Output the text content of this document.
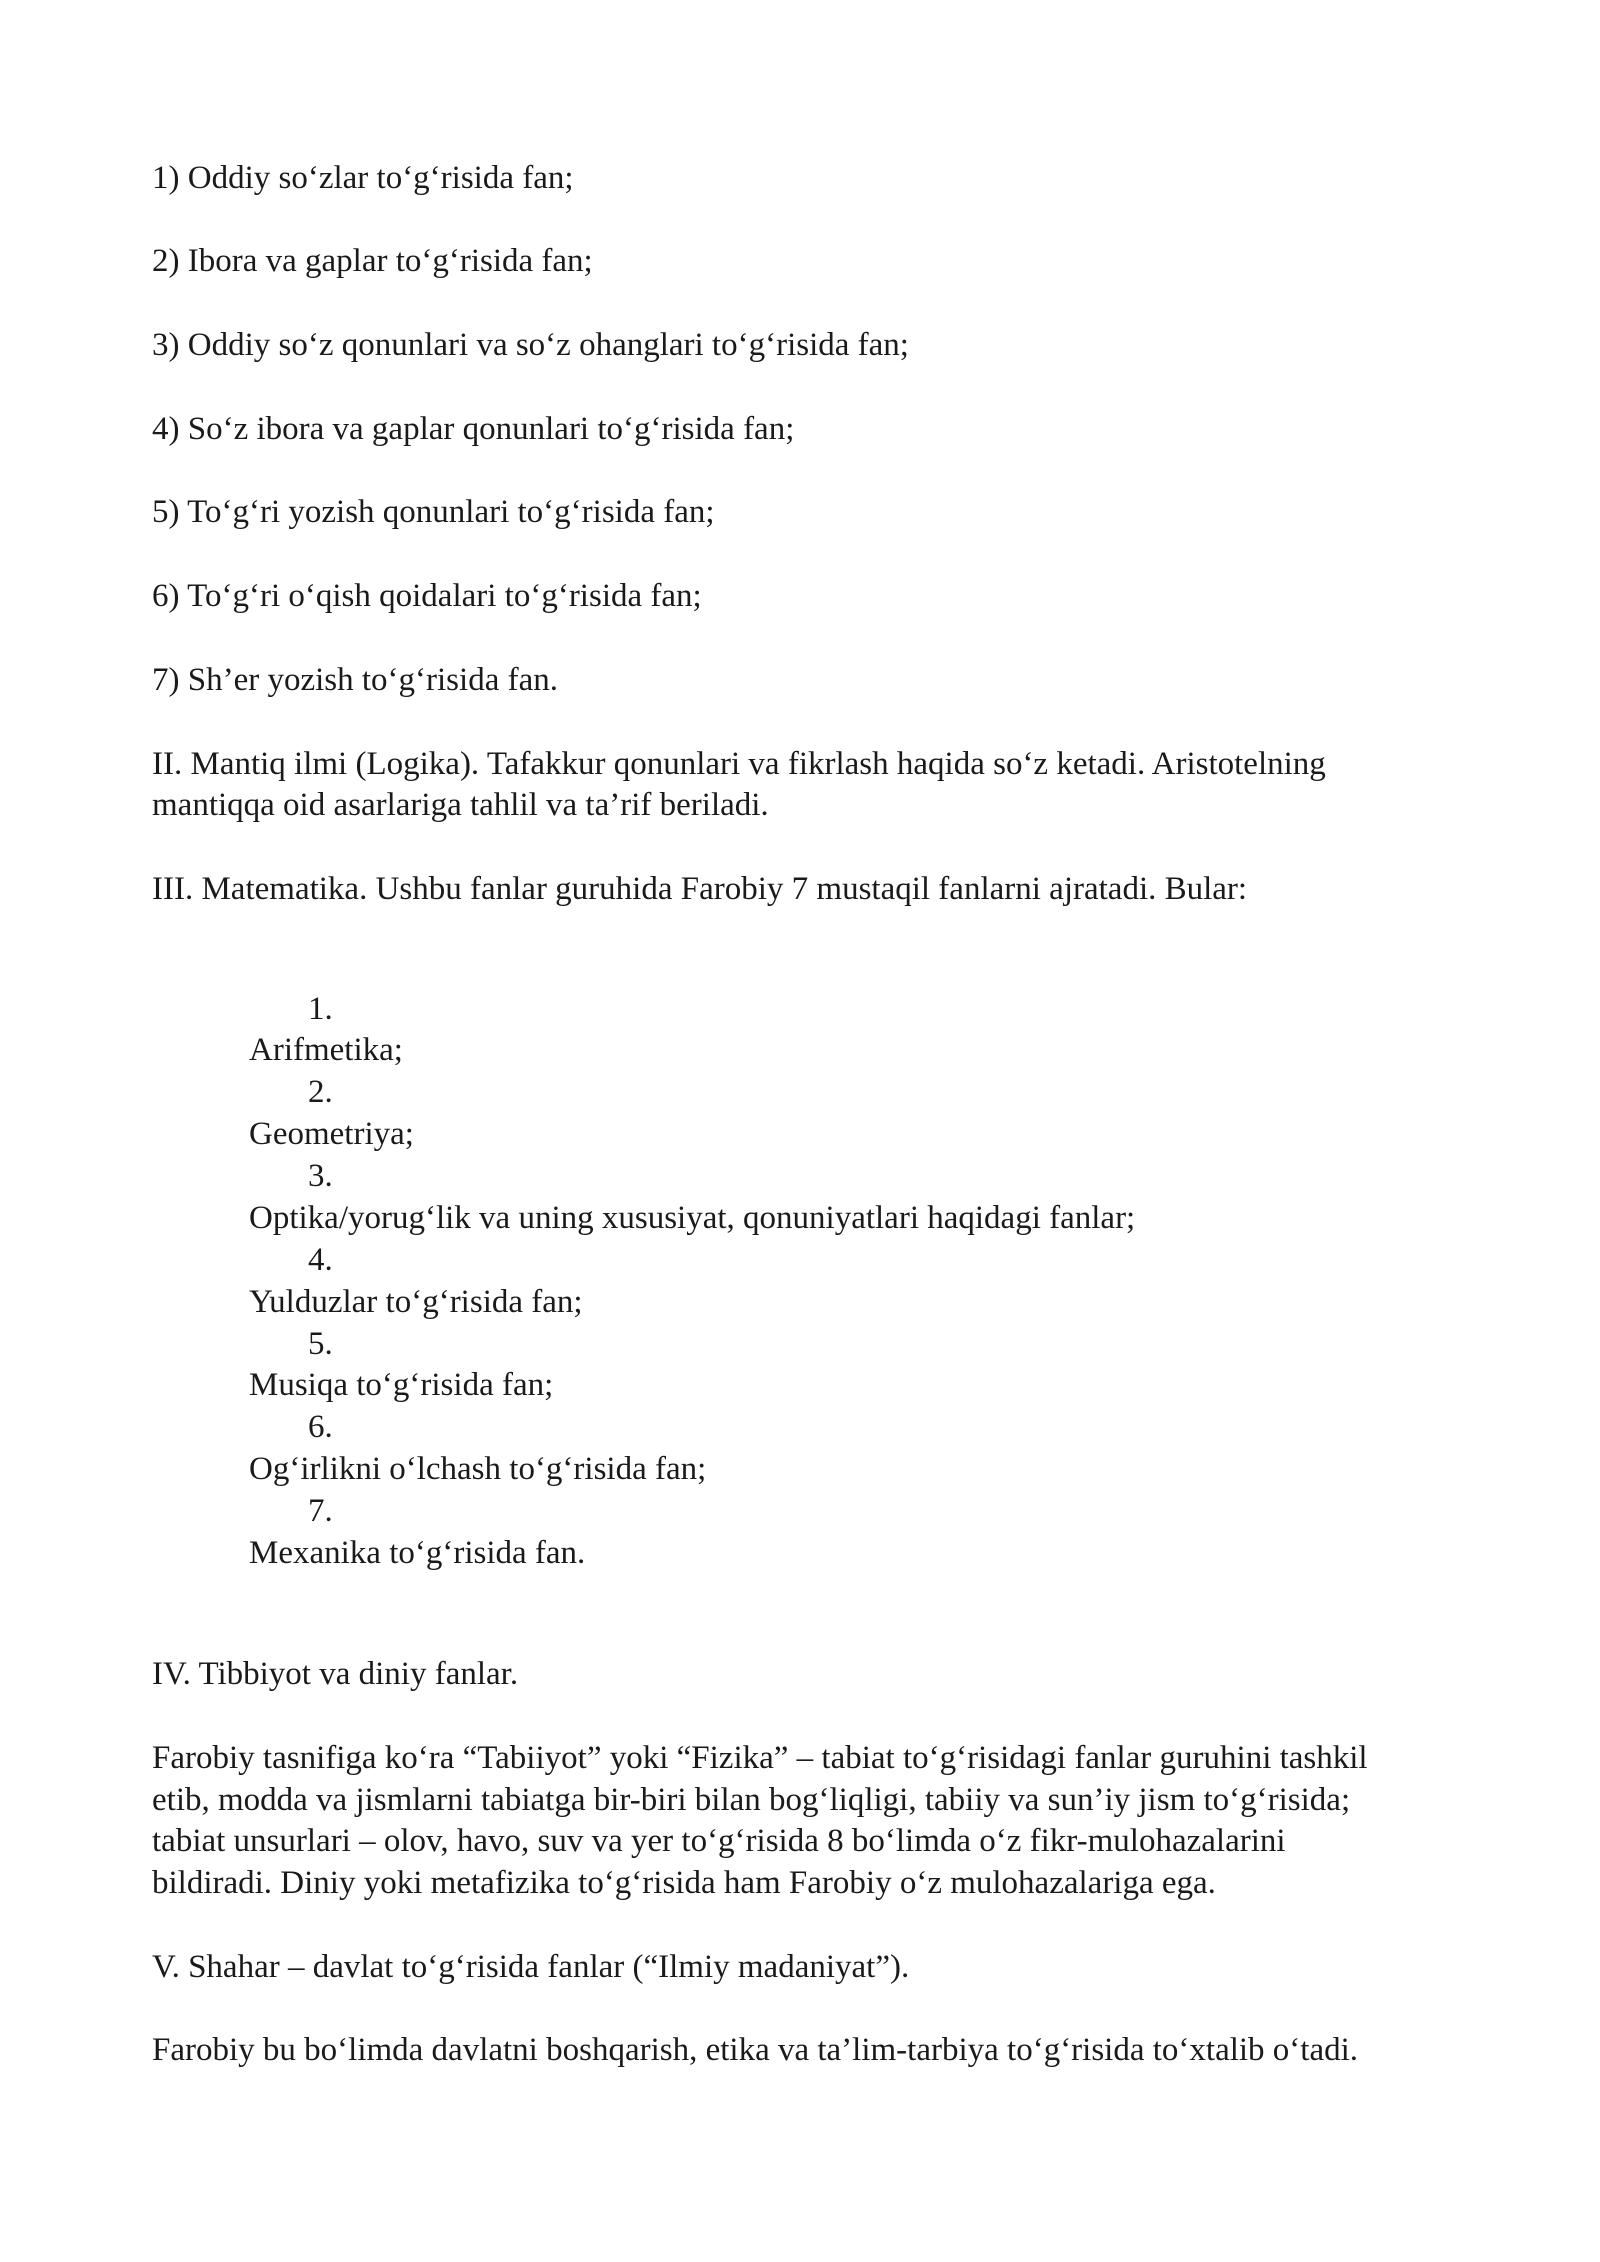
1) Oddiy so‘zlar to‘g‘risida fan;

2) Ibora va gaplar to‘g‘risida fan;

3) Oddiy so‘z qonunlari va so‘z ohanglari to‘g‘risida fan;

4) So‘z ibora va gaplar qonunlari to‘g‘risida fan;

5) To‘g‘ri yozish qonunlari to‘g‘risida fan;

6) To‘g‘ri o‘qish qoidalari to‘g‘risida fan;

7) Sh’er yozish to‘g‘risida fan.

II. Mantiq ilmi (Logika). Tafakkur qonunlari va fikrlash haqida so‘z ketadi. Aristotelning

mantiqqa oid asarlariga tahlil va ta’rif beriladi.

III. Matematika. Ushbu fanlar guruhida Farobiy 7 mustaqil fanlarni ajratadi. Bular:

1.
Arifmetika;
2.
Geometriya;
3.
Optika/yorug‘lik va uning xususiyat, qonuniyatlari haqidagi fanlar;
4.
Yulduzlar to‘g‘risida fan;
5.
Musiqa to‘g‘risida fan;
6.
Og‘irlikni o‘lchash to‘g‘risida fan;
7.
Mexanika to‘g‘risida fan.

IV. Tibbiyot va diniy fanlar.

Farobiy tasnifiga ko‘ra “Tabiiyot” yoki “Fizika” – tabiat to‘g‘risidagi fanlar guruhini tashkil

etib, modda va jismlarni tabiatga bir-biri bilan bog‘liqligi, tabiiy va sun’iy jism to‘g‘risida;

tabiat unsurlari – olov, havo, suv va yer to‘g‘risida 8 bo‘limda o‘z fikr-mulohazalarini

bildiradi. Diniy yoki metafizika to‘g‘risida ham Farobiy o‘z mulohazalariga ega.

V. Shahar – davlat to‘g‘risida fanlar (“Ilmiy madaniyat”).

Farobiy bu bo‘limda davlatni boshqarish, etika va ta’lim-tarbiya to‘g‘risida to‘xtalib o‘tadi.
